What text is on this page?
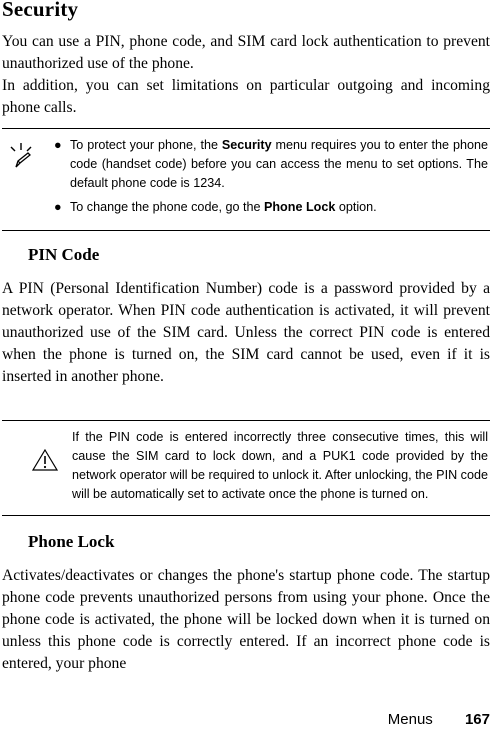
Security

You can use a PIN, phone code, and SIM card lock authentication to prevent unauthorized use of the phone.

In addition, you can set limitations on particular outgoing and incoming phone calls.

● To protect your phone, the Security menu requires you to enter the phone code (handset code) before you can access the menu to set options. The default phone code is 1234.
● To change the phone code, go the Phone Lock option.
PIN Code

A PIN (Personal Identification Number) code is a password provided by a network operator. When PIN code authentication is activated, it will prevent unauthorized use of the SIM card. Unless the correct PIN code is entered when the phone is turned on, the SIM card cannot be used, even if it is inserted in another phone.

If the PIN code is entered incorrectly three consecutive times, this will cause the SIM card to lock down, and a PUK1 code provided by the network operator will be required to unlock it. After unlocking, the PIN code will be automatically set to activate once the phone is turned on.

Phone Lock

Activates/deactivates or changes the phone's startup phone code. The startup phone code prevents unauthorized persons from using your phone. Once the phone code is activated, the phone will be locked down when it is turned on unless this phone code is correctly entered. If an incorrect phone code is entered, your phone

Menus 167
